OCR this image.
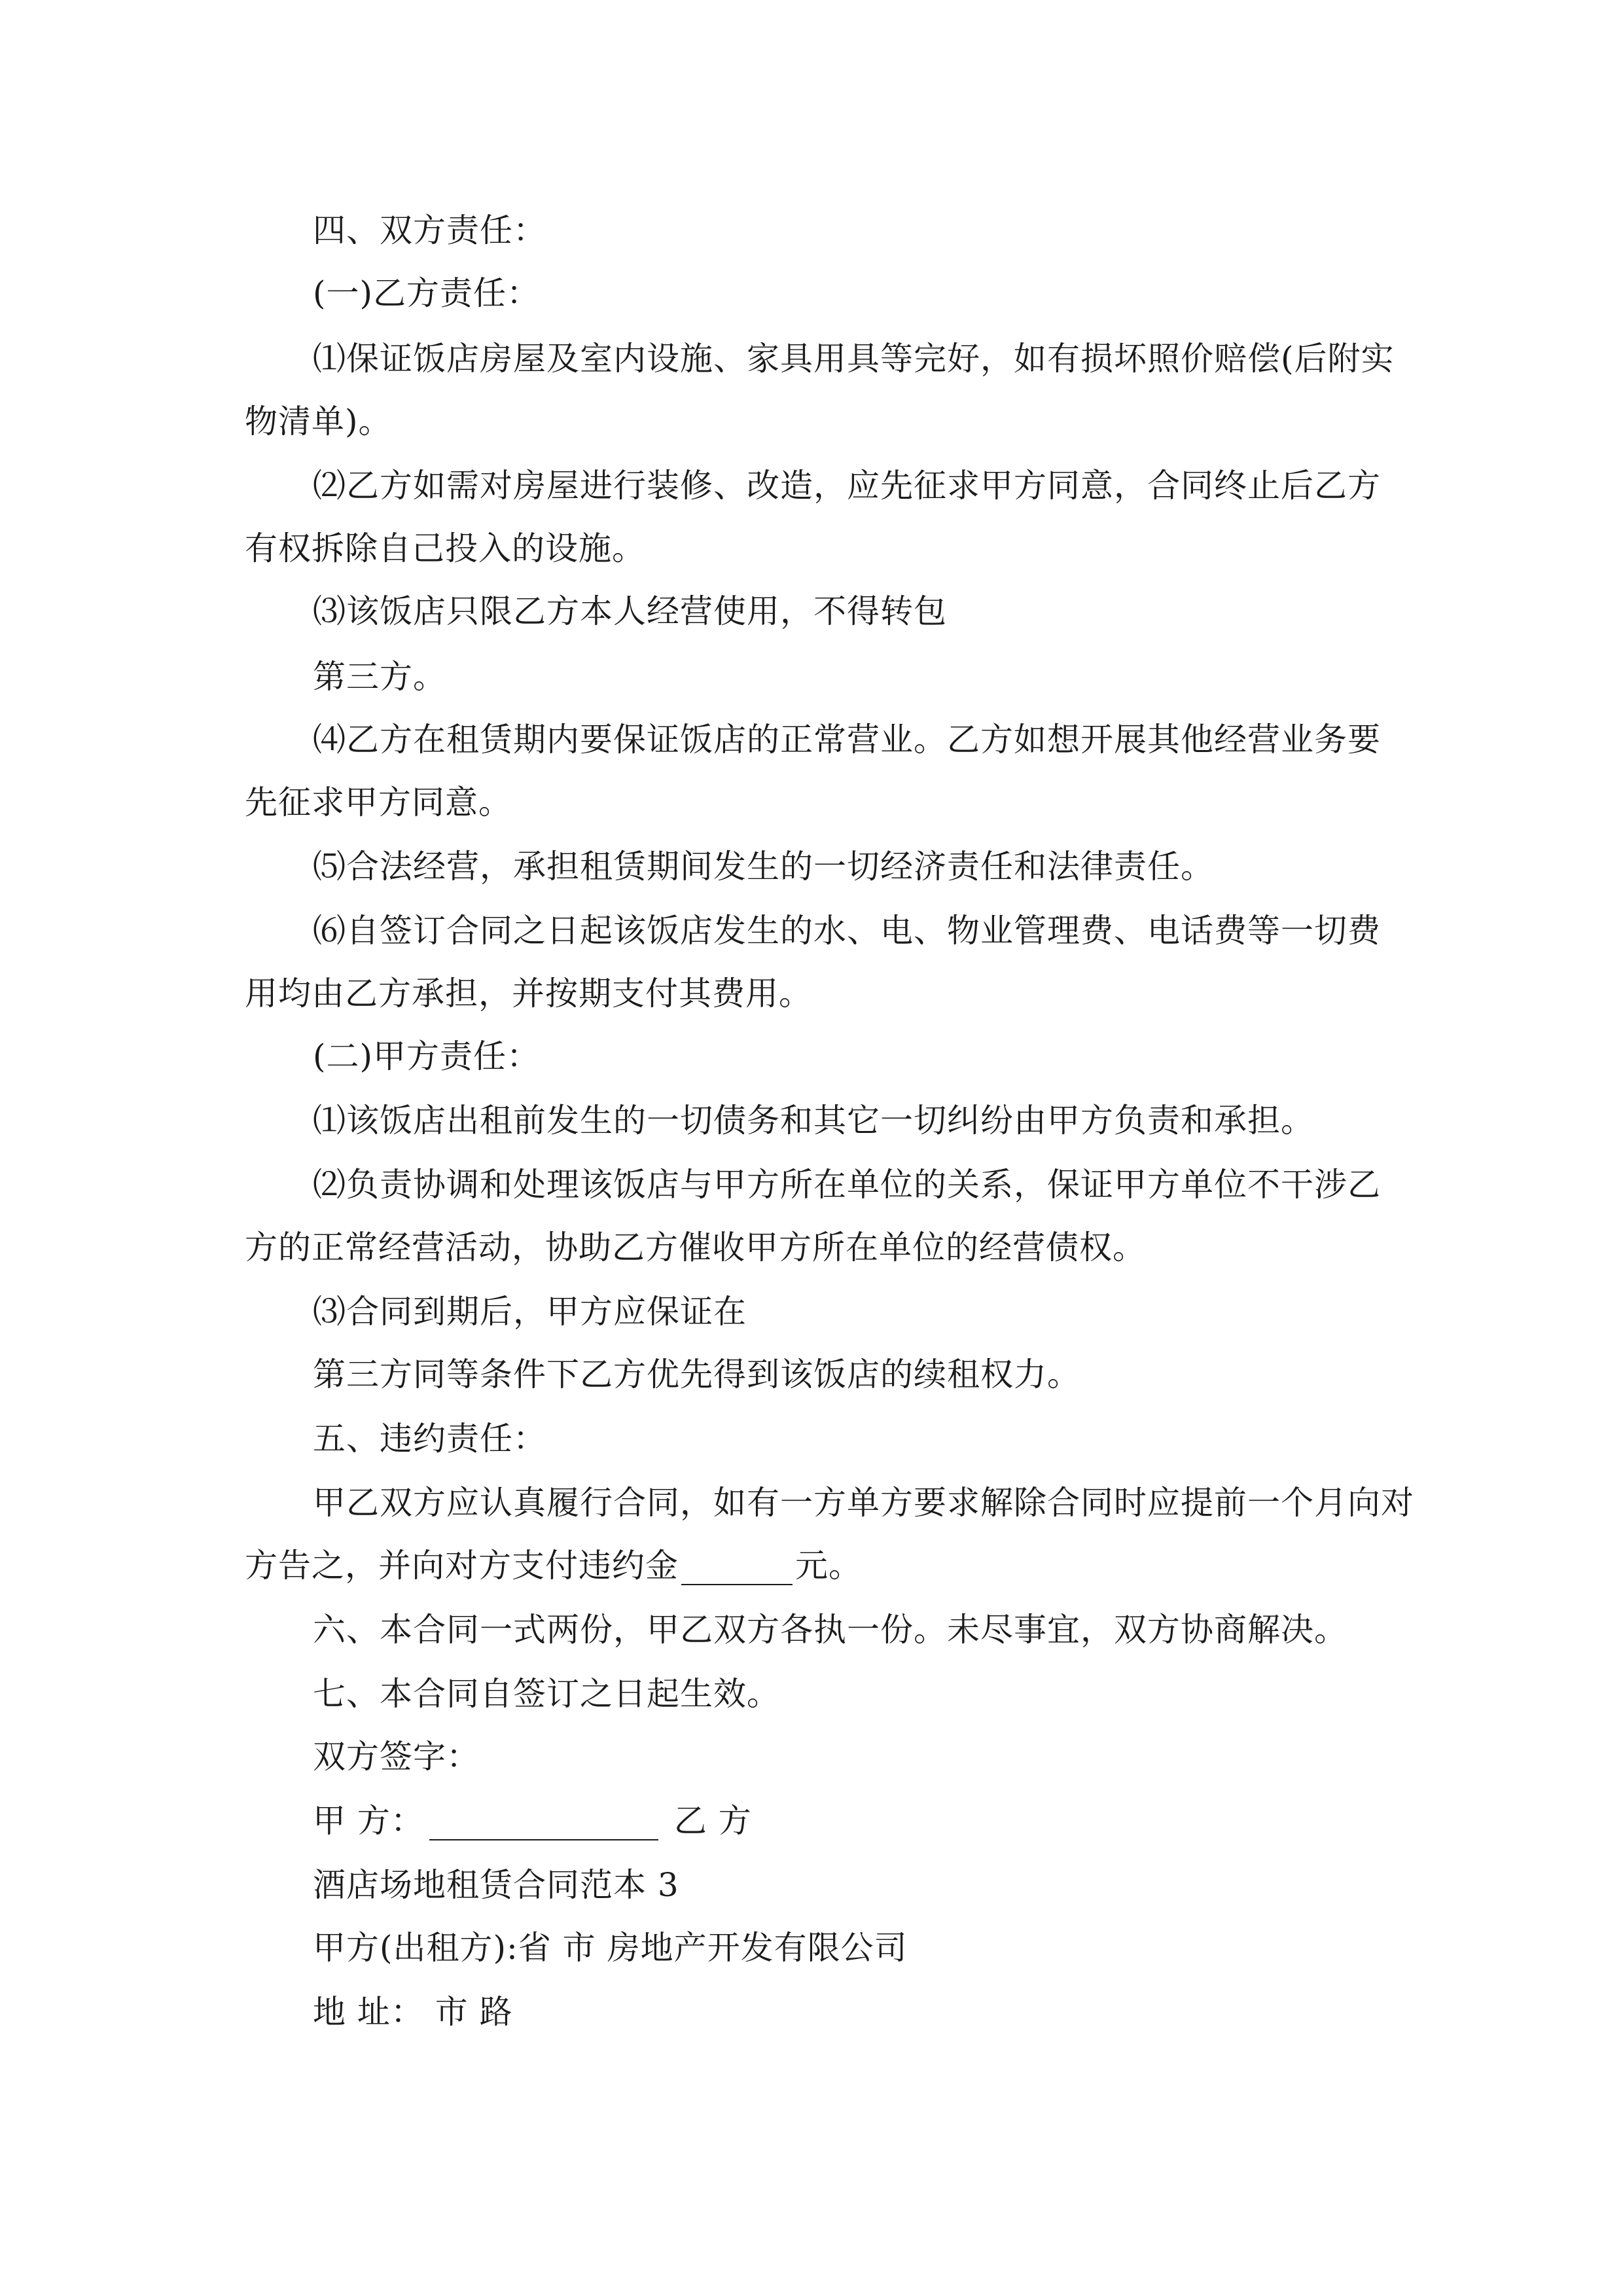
四、双方责任：
(一)乙方责任：
⑴保证饭店房屋及室内设施、家具用具等完好，如有损坏照价赔偿(后附实
物清单)。
⑵乙方如需对房屋进行装修、改造，应先征求甲方同意，合同终止后乙方
有权拆除自己投入的设施。
⑶该饭店只限乙方本人经营使用，不得转包
第三方。
⑷乙方在租赁期内要保证饭店的正常营业。乙方如想开展其他经营业务要
先征求甲方同意。
⑸合法经营，承担租赁期间发生的一切经济责任和法律责任。
⑹自签订合同之日起该饭店发生的水、电、物业管理费、电话费等一切费
用均由乙方承担，并按期支付其费用。
(二)甲方责任：
⑴该饭店出租前发生的一切债务和其它一切纠纷由甲方负责和承担。
⑵负责协调和处理该饭店与甲方所在单位的关系，保证甲方单位不干涉乙
方的正常经营活动，协助乙方催收甲方所在单位的经营债权。
⑶合同到期后，甲方应保证在
第三方同等条件下乙方优先得到该饭店的续租权力。
五、违约责任：
甲乙双方应认真履行合同，如有一方单方要求解除合同时应提前一个月向对
方告之，并向对方支付违约金	元。
六、本合同一式两份，甲乙双方各执一份。未尽事宜，双方协商解决。
七、本合同自签订之日起生效。
双方签字：
甲 方：	乙 方
酒店场地租赁合同范本 3
甲方(出租方):省 市 房地产开发有限公司
地 址： 市 路
